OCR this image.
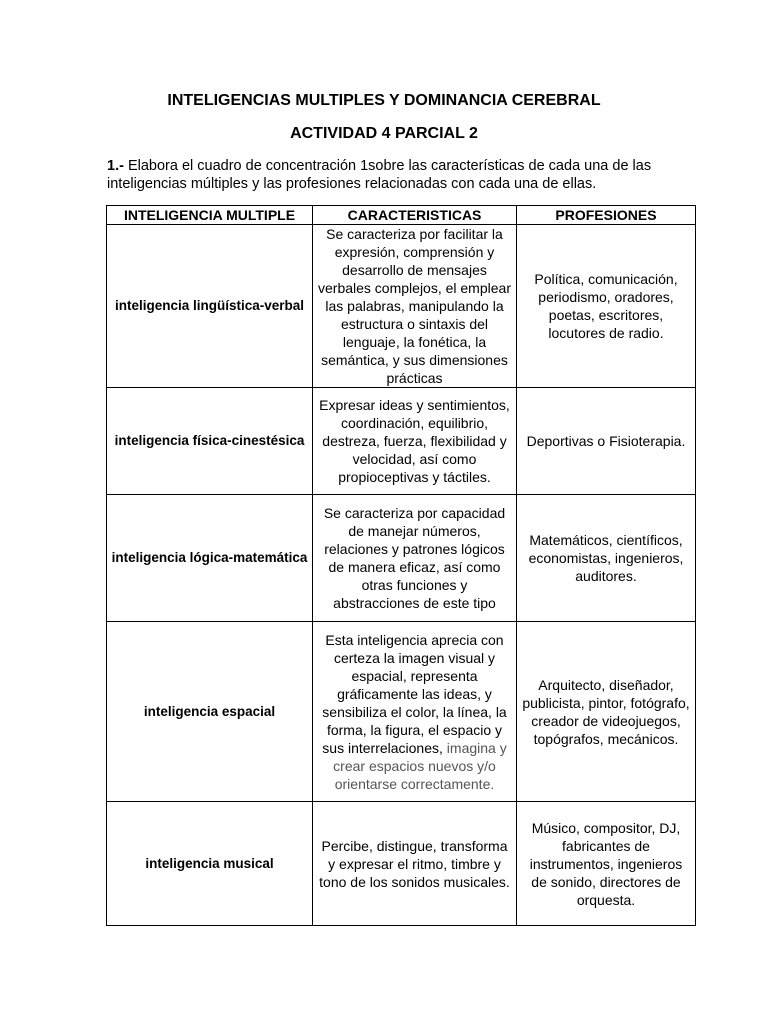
INTELIGENCIAS MULTIPLES Y DOMINANCIA CEREBRAL
ACTIVIDAD 4 PARCIAL 2

1.- Elabora el cuadro de concentración 1sobre las características de cada una de las inteligencias múltiples y las profesiones relacionadas con cada una de ellas.

INTELIGENCIA MULTIPLE	CARACTERISTICAS	PROFESIONES
inteligencia lingüística-verbal	Se caracteriza por facilitar la expresión, comprensión y desarrollo de mensajes verbales complejos, el emplear las palabras, manipulando la estructura o sintaxis del lenguaje, la fonética, la semántica, y sus dimensiones prácticas	Política, comunicación, periodismo, oradores, poetas, escritores, locutores de radio.
inteligencia física-cinestésica	Expresar ideas y sentimientos, coordinación, equilibrio, destreza, fuerza, flexibilidad y velocidad, así como propioceptivas y táctiles.	Deportivas o Fisioterapia.
inteligencia lógica-matemática	Se caracteriza por capacidad de manejar números, relaciones y patrones lógicos de manera eficaz, así como otras funciones y abstracciones de este tipo	Matemáticos, científicos, economistas, ingenieros, auditores.
inteligencia espacial	Esta inteligencia aprecia con certeza la imagen visual y espacial, representa gráficamente las ideas, y sensibiliza el color, la línea, la forma, la figura, el espacio y sus interrelaciones, imagina y crear espacios nuevos y/o orientarse correctamente.	Arquitecto, diseñador, publicista, pintor, fotógrafo, creador de videojuegos, topógrafos, mecánicos.
inteligencia musical	Percibe, distingue, transforma y expresar el ritmo, timbre y tono de los sonidos musicales.	Músico, compositor, DJ, fabricantes de instrumentos, ingenieros de sonido, directores de orquesta.
